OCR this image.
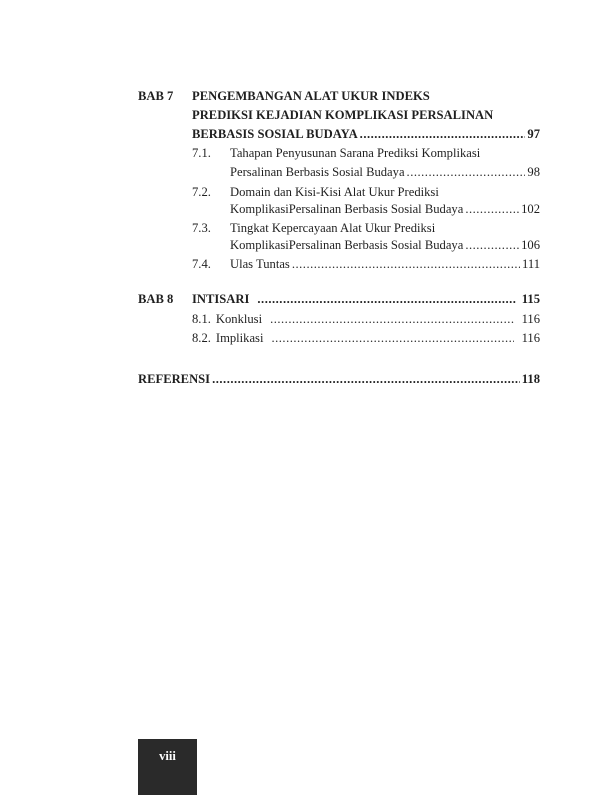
BAB 7 PENGEMBANGAN ALAT UKUR INDEKS
PREDIKSI KEJADIAN KOMPLIKASI PERSALINAN
BERBASIS SOSIAL BUDAYA .....	97
7.1. Tahapan Penyusunan Sarana Prediksi Komplikasi
Persalinan Berbasis Sosial Budaya .....	98
7.2. Domain dan Kisi-Kisi Alat Ukur Prediksi
KomplikasiPersalinan Berbasis Sosial Budaya .....	102
7.3. Tingkat Kepercayaan Alat Ukur Prediksi
KomplikasiPersalinan Berbasis Sosial Budaya .....	106
7.4. Ulas Tuntas .....	111
BAB 8 INTISARI .....	115
8.1. Konklusi .....	116
8.2. Implikasi .....	116
REFERENSI .....	118
viii
